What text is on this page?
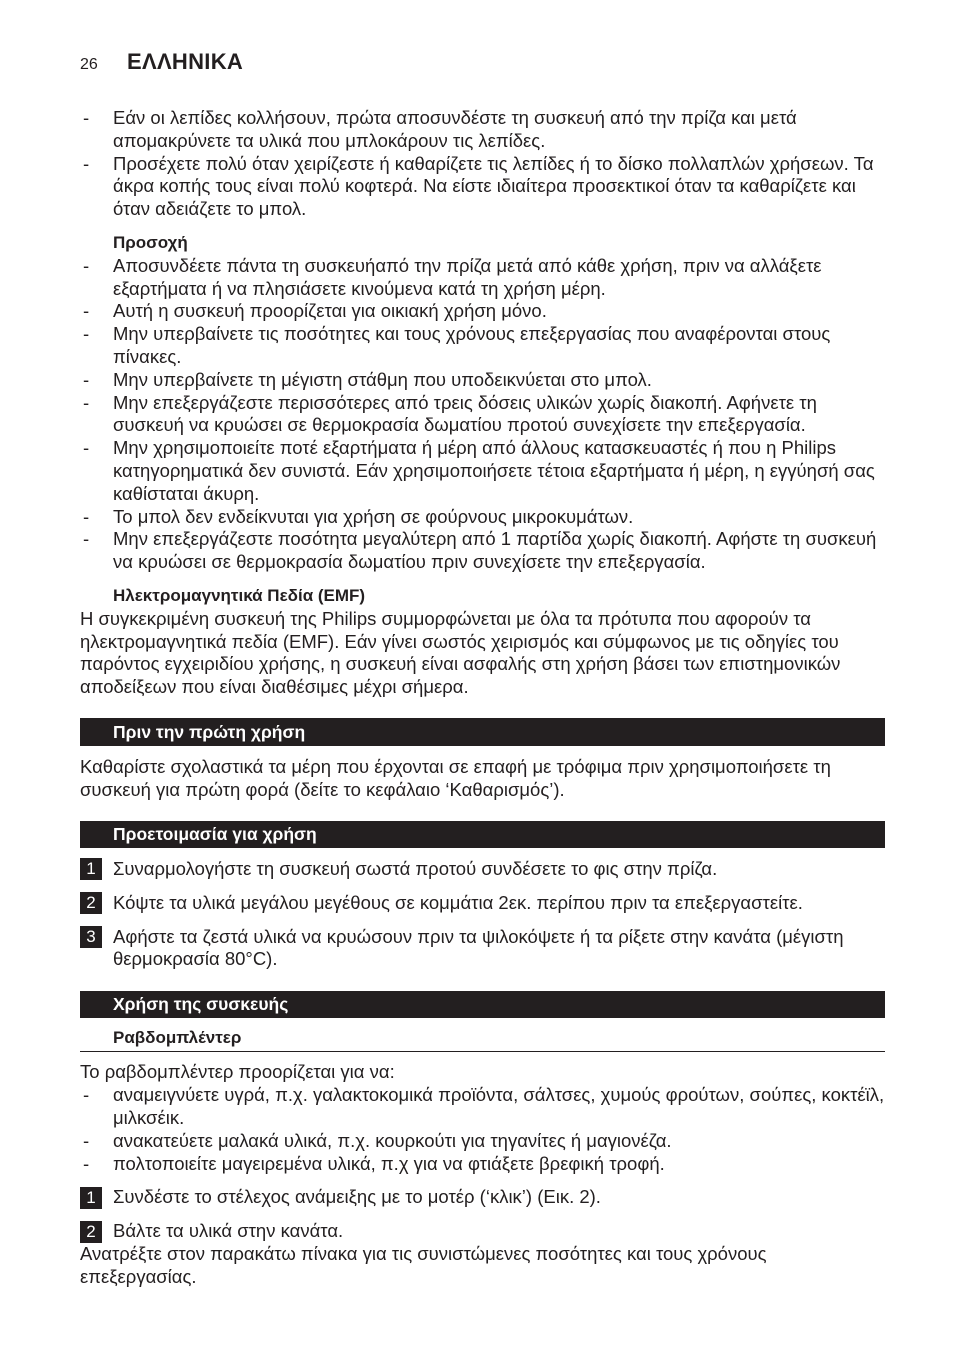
26	ΕΛΛΗΝΙΚΑ
- Εάν οι λεπίδες κολλήσουν, πρώτα αποσυνδέστε τη συσκευή από την πρίζα και μετά απομακρύνετε τα υλικά που μπλοκάρουν τις λεπίδες.
- Προσέχετε πολύ όταν χειρίζεστε ή καθαρίζετε τις λεπίδες ή το δίσκο πολλαπλών χρήσεων. Τα άκρα κοπής τους είναι πολύ κοφτερά. Να είστε ιδιαίτερα προσεκτικοί όταν τα καθαρίζετε και όταν αδειάζετε το μπολ.
Προσοχή
- Αποσυνδέετε πάντα τη συσκευήαπό την πρίζα μετά από κάθε χρήση, πριν να αλλάξετε εξαρτήματα ή να πλησιάσετε κινούμενα κατά τη χρήση μέρη.
- Αυτή η συσκευή προορίζεται για οικιακή χρήση μόνο.
- Μην υπερβαίνετε τις ποσότητες και τους χρόνους επεξεργασίας που αναφέρονται στους πίνακες.
- Μην υπερβαίνετε τη μέγιστη στάθμη που υποδεικνύεται στο μπολ.
- Μην επεξεργάζεστε περισσότερες από τρεις δόσεις υλικών χωρίς διακοπή. Αφήνετε τη συσκευή να κρυώσει σε θερμοκρασία δωματίου προτού συνεχίσετε την επεξεργασία.
- Μην χρησιμοποιείτε ποτέ εξαρτήματα ή μέρη από άλλους κατασκευαστές ή που η Philips κατηγορηματικά δεν συνιστά. Εάν χρησιμοποιήσετε τέτοια εξαρτήματα ή μέρη, η εγγύησή σας καθίσταται άκυρη.
- Το μπολ δεν ενδείκνυται για χρήση σε φούρνους μικροκυμάτων.
- Μην επεξεργάζεστε ποσότητα μεγαλύτερη από 1 παρτίδα χωρίς διακοπή. Αφήστε τη συσκευή να κρυώσει σε θερμοκρασία δωματίου πριν συνεχίσετε την επεξεργασία.
Ηλεκτρομαγνητικά Πεδία (EMF)

Η συγκεκριμένη συσκευή της Philips συμμορφώνεται με όλα τα πρότυπα που αφορούν τα ηλεκτρομαγνητικά πεδία (EMF). Εάν γίνει σωστός χειρισμός και σύμφωνος με τις οδηγίες του παρόντος εγχειριδίου χρήσης, η συσκευή είναι ασφαλής στη χρήση βάσει των επιστημονικών αποδείξεων που είναι διαθέσιμες μέχρι σήμερα.

Πριν την πρώτη χρήση

Καθαρίστε σχολαστικά τα μέρη που έρχονται σε επαφή με τρόφιμα πριν χρησιμοποιήσετε τη συσκευή για πρώτη φορά (δείτε το κεφάλαιο ‘Καθαρισμός’).

Προετοιμασία για χρήση
1 Συναρμολογήστε τη συσκευή σωστά προτού συνδέσετε το φις στην πρίζα.
2 Κόψτε τα υλικά μεγάλου μεγέθους σε κομμάτια 2εκ. περίπου πριν τα επεξεργαστείτε.
3 Αφήστε τα ζεστά υλικά να κρυώσουν πριν τα ψιλοκόψετε ή τα ρίξετε στην κανάτα (μέγιστη θερμοκρασία 80°C).
Χρήση της συσκευής
Ραβδομπλέντερ

Το ραβδομπλέντερ προορίζεται για να:

- αναμειγνύετε υγρά, π.χ. γαλακτοκομικά προϊόντα, σάλτσες, χυμούς φρούτων, σούπες, κοκτέϊλ, μιλκσέικ.
- ανακατεύετε μαλακά υλικά, π.χ. κουρκούτι για τηγανίτες ή μαγιονέζα.
- πολτοποιείτε μαγειρεμένα υλικά, π.χ για να φτιάξετε βρεφική τροφή.
1 Συνδέστε το στέλεχος ανάμειξης με το μοτέρ (‘κλικ’) (Εικ. 2).
2 Βάλτε τα υλικά στην κανάτα.

Ανατρέξτε στον παρακάτω πίνακα για τις συνιστώμενες ποσότητες και τους χρόνους επεξεργασίας.
